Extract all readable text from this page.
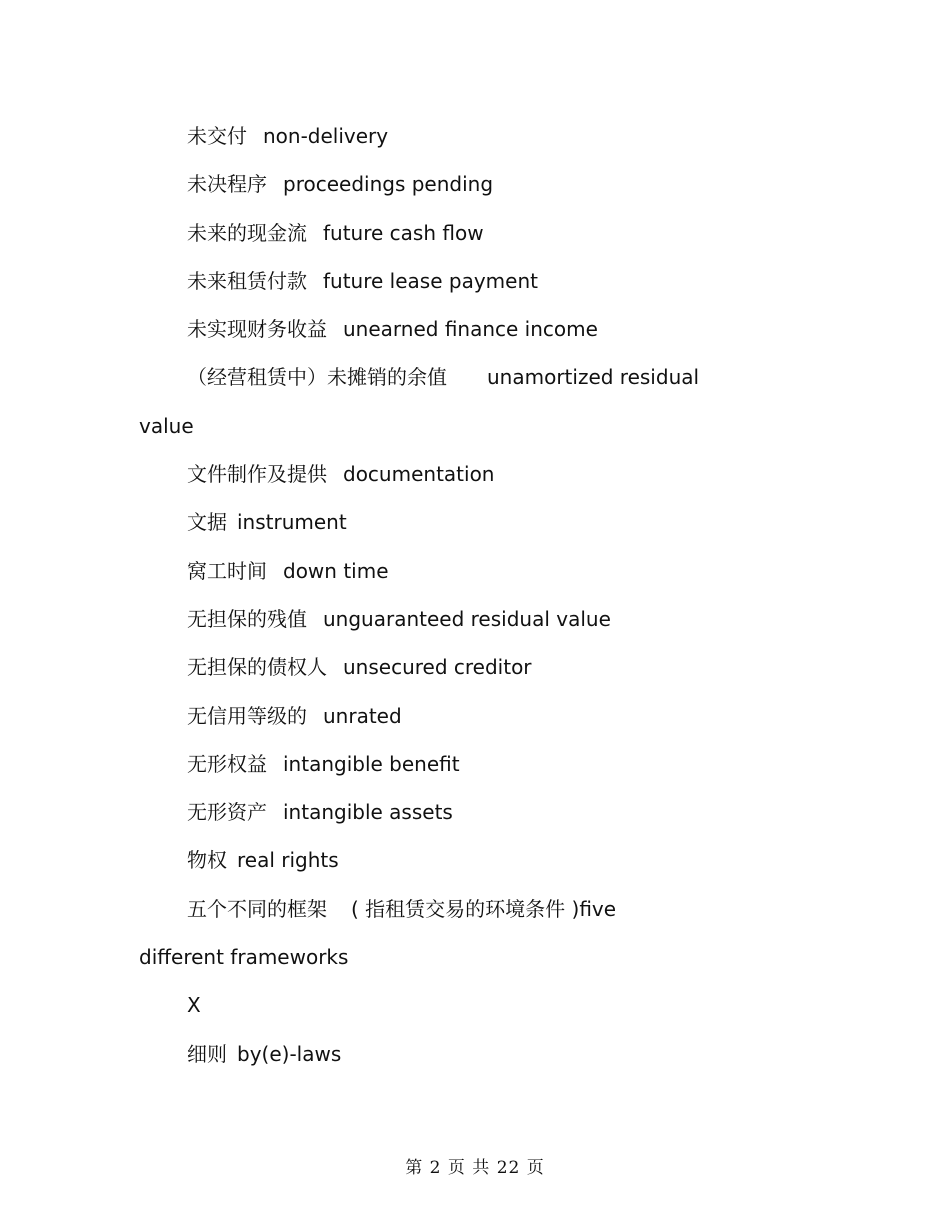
未交付 non-delivery
未决程序 proceedings pending
未来的现金流 future cash flow
未来租赁付款 future lease payment
未实现财务收益 unearned finance income
（经营租赁中）未摊销的余值 unamortized residual
value
文件制作及提供 documentation
文据 instrument
窝工时间 down time
无担保的残值 unguaranteed residual value
无担保的债权人 unsecured creditor
无信用等级的 unrated
无形权益 intangible benefit
无形资产 intangible assets
物权 real rights
五个不同的框架 ( 指租赁交易的环境条件 )five
different frameworks
X
细则 by(e)-laws
第 2 页 共 22 页
